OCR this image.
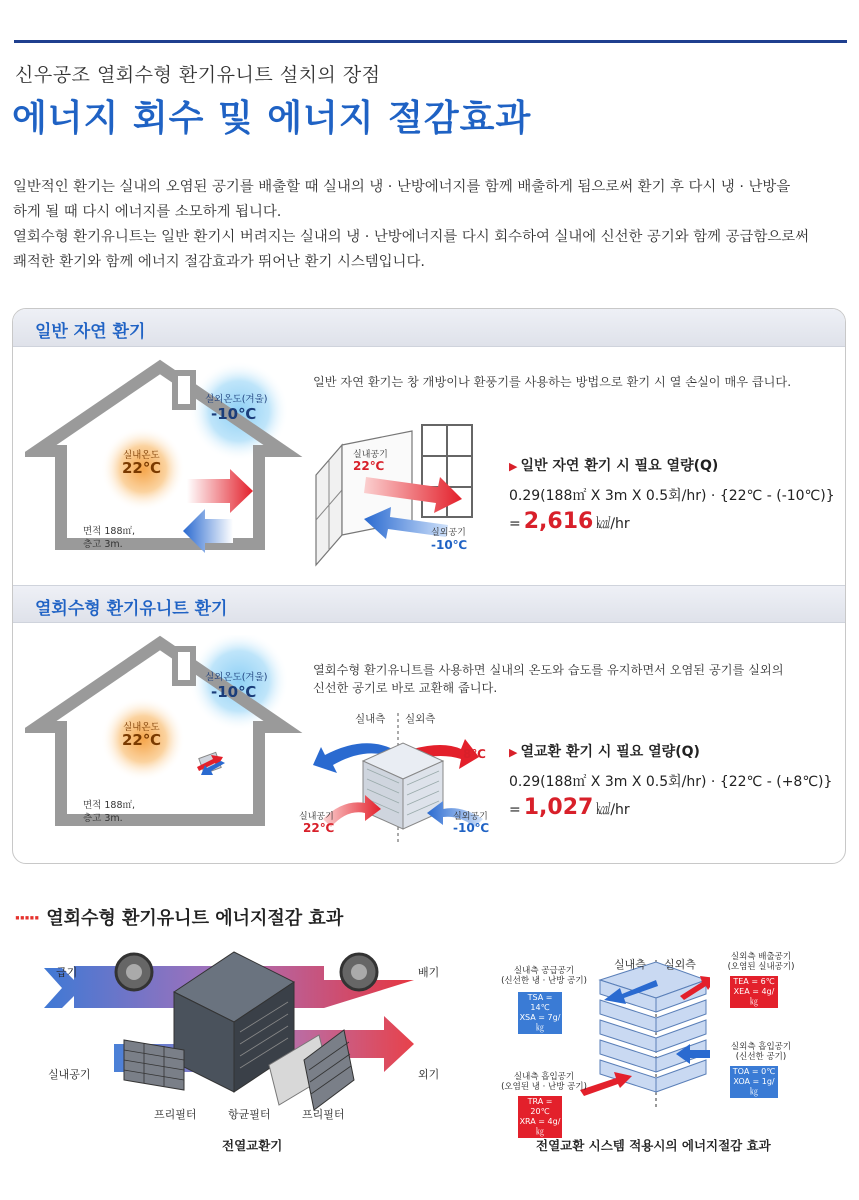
신우공조 열회수형 환기유니트 설치의 장점
에너지 회수 및 에너지 절감효과

일반적인 환기는 실내의 오염된 공기를 배출할 때 실내의 냉 · 난방에너지를 함께 배출하게 됨으로써 환기 후 다시 냉 · 난방을

하게 될 때 다시 에너지를 소모하게 됩니다.

열회수형 환기유니트는 일반 환기시 버려지는 실내의 냉 · 난방에너지를 다시 회수하여 실내에 신선한 공기와 함께 공급함으로써

쾌적한 환기와 함께 에너지 절감효과가 뛰어난 환기 시스템입니다.

일반 자연 환기
실외온도(겨울)
-10℃
실내온도
22℃
면적 188㎡,
층고 3m.
일반 자연 환기는 창 개방이나 환풍기를 사용하는 방법으로 환기 시 열 손실이 매우 큽니다.
실내공기
22℃
실외공기
-10℃
▶ 일반 자연 환기 시 필요 열량(Q)
0.29(188㎡ X 3m X 0.5회/hr) · {22℃ - (-10℃)}
= 2,616 ㎉/hr
열회수형 환기유니트 환기
실외온도(겨울)
-10℃
실내온도
22℃
면적 188㎡,
층고 3m.
열회수형 환기유니트를 사용하면 실내의 온도와 습도를 유지하면서 오염된 공기를 실외의
신선한 공기로 바로 교환해 줍니다.
실내측 실외측
8℃
실내공기
22℃
실외공기
-10℃
▶ 열교환 환기 시 필요 열량(Q)
0.29(188㎡ X 3m X 0.5회/hr) · {22℃ - (+8℃)}
= 1,027 ㎉/hr
····· 열회수형 환기유니트 에너지절감 효과
급기	배기
실내공기	외기
프리필터	항균필터	프리필터
전열교환기
실내측 실외측
실내측 공급공기
(신선한 냉 · 난방 공기)
TSA = 14℃
XSA = 7g/㎏
실내측 흡입공기
(오염된 냉 · 난방 공기)
TRA = 20℃
XRA = 4g/㎏
실외측 배출공기
(오염된 실내공기)
TEA = 6℃
XEA = 4g/㎏
실외측 흡입공기
(신선한 공기)
TOA = 0℃
XOA = 1g/㎏
전열교환 시스템 적용시의 에너지절감 효과
